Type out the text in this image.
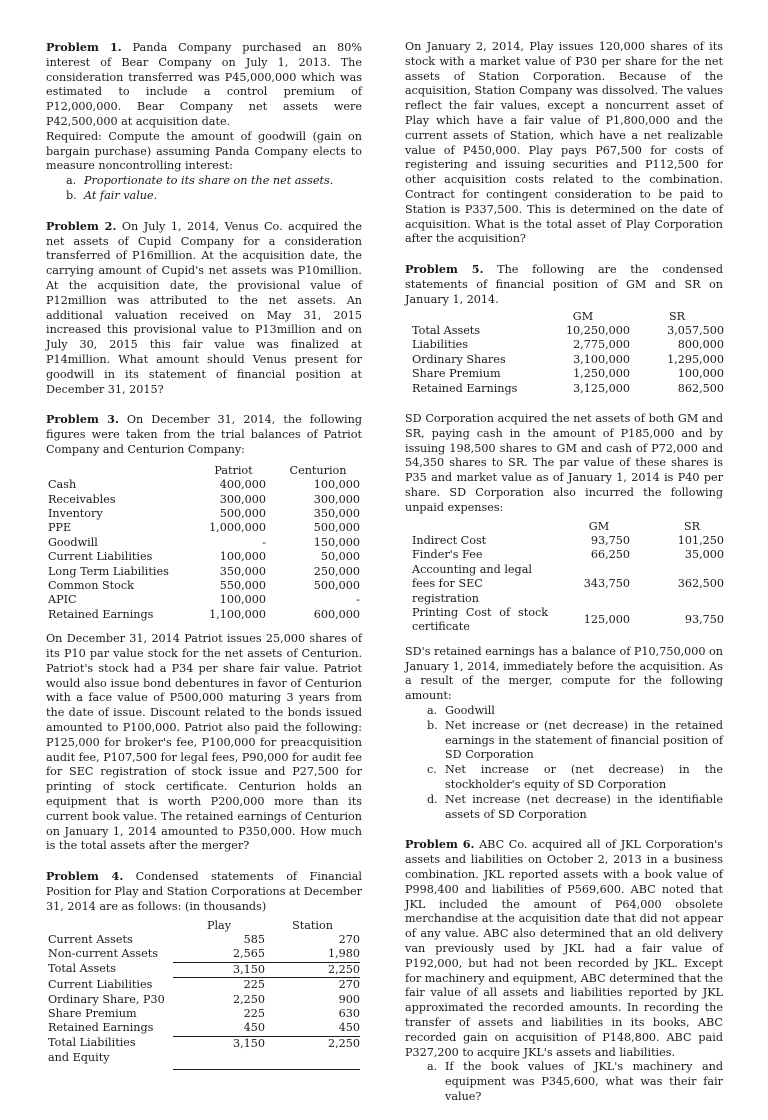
Problem 1. Panda Company purchased an 80% interest of Bear Company on July 1, 2013. The consideration transferred was P45,000,000 which was estimated to include a control premium of P12,000,000. Bear Company net assets were P42,500,000 at acquisition date.

Required: Compute the amount of goodwill (gain on bargain purchase) assuming Panda Company elects to measure noncontrolling interest:

a. Proportionate to its share on the net assets.
b. At fair value.

Problem 2. On July 1, 2014, Venus Co. acquired the net assets of Cupid Company for a consideration transferred of P16million. At the acquisition date, the carrying amount of Cupid's net assets was P10million. At the acquisition date, the provisional value of P12million was attributed to the net assets. An additional valuation received on May 31, 2015 increased this provisional value to P13million and on July 30, 2015 this fair value was finalized at P14million. What amount should Venus present for goodwill in its statement of financial position at December 31, 2015?

Problem 3. On December 31, 2014, the following figures were taken from the trial balances of Patriot Company and Centurion Company:

	Patriot	Centurion
Cash	400,000	100,000
Receivables	300,000	300,000
Inventory	500,000	350,000
PPE	1,000,000	500,000
Goodwill	-	150,000
Current Liabilities	100,000	50,000
Long Term Liabilities	350,000	250,000
Common Stock	550,000	500,000
APIC	100,000	-
Retained Earnings	1,100,000	600,000

On December 31, 2014 Patriot issues 25,000 shares of its P10 par value stock for the net assets of Centurion. Patriot's stock had a P34 per share fair value. Patriot would also issue bond debentures in favor of Centurion with a face value of P500,000 maturing 3 years from the date of issue. Discount related to the bonds issued amounted to P100,000. Patriot also paid the following: P125,000 for broker's fee, P100,000 for preacquisition audit fee, P107,500 for legal fees, P90,000 for audit fee for SEC registration of stock issue and P27,500 for printing of stock certificate. Centurion holds an equipment that is worth P200,000 more than its current book value. The retained earnings of Centurion on January 1, 2014 amounted to P350,000. How much is the total assets after the merger?

Problem 4. Condensed statements of Financial Position for Play and Station Corporations at December 31, 2014 are as follows: (in thousands)

	Play	Station
Current Assets	585	270
Non-current Assets	2,565	1,980
Total Assets	3,150	2,250
Current Liabilities	225	270
Ordinary Share, P30	2,250	900
Share Premium	225	630
Retained Earnings	450	450
Total Liabilities and Equity	3,150	2,250

On January 2, 2014, Play issues 120,000 shares of its stock with a market value of P30 per share for the net assets of Station Corporation. Because of the acquisition, Station Company was dissolved. The values reflect the fair values, except a noncurrent asset of Play which have a fair value of P1,800,000 and the current assets of Station, which have a net realizable value of P450,000. Play pays P67,500 for costs of registering and issuing securities and P112,500 for other acquisition costs related to the combination. Contract for contingent consideration to be paid to Station is P337,500. This is determined on the date of acquisition. What is the total asset of Play Corporation after the acquisition?

Problem 5. The following are the condensed statements of financial position of GM and SR on January 1, 2014.

	GM	SR
Total Assets	10,250,000	3,057,500
Liabilities	2,775,000	800,000
Ordinary Shares	3,100,000	1,295,000
Share Premium	1,250,000	100,000
Retained Earnings	3,125,000	862,500

SD Corporation acquired the net assets of both GM and SR, paying cash in the amount of P185,000 and by issuing 198,500 shares to GM and cash of P72,000 and 54,350 shares to SR. The par value of these shares is P35 and market value as of January 1, 2014 is P40 per share. SD Corporation also incurred the following unpaid expenses:

	GM	SR
Indirect Cost	93,750	101,250
Finder's Fee	66,250	35,000
Accounting and legal fees for SEC registration	343,750	362,500
Printing Cost of stock certificate	125,000	93,750

SD's retained earnings has a balance of P10,750,000 on January 1, 2014, immediately before the acquisition. As a result of the merger, compute for the following amount:

a. Goodwill
b. Net increase or (net decrease) in the retained earnings in the statement of financial position of SD Corporation
c. Net increase or (net decrease) in the stockholder's equity of SD Corporation
d. Net increase (net decrease) in the identifiable assets of SD Corporation

Problem 6. ABC Co. acquired all of JKL Corporation's assets and liabilities on October 2, 2013 in a business combination. JKL reported assets with a book value of P998,400 and liabilities of P569,600. ABC noted that JKL included the amount of P64,000 obsolete merchandise at the acquisition date that did not appear of any value. ABC also determined that an old delivery van previously used by JKL had a fair value of P192,000, but had not been recorded by JKL. Except for machinery and equipment, ABC determined that the fair value of all assets and liabilities reported by JKL approximated the recorded amounts. In recording the transfer of assets and liabilities in its books, ABC recorded gain on acquisition of P148,800. ABC paid P327,200 to acquire JKL's assets and liabilities.

a. If the book values of JKL's machinery and equipment was P345,600, what was their fair value?
